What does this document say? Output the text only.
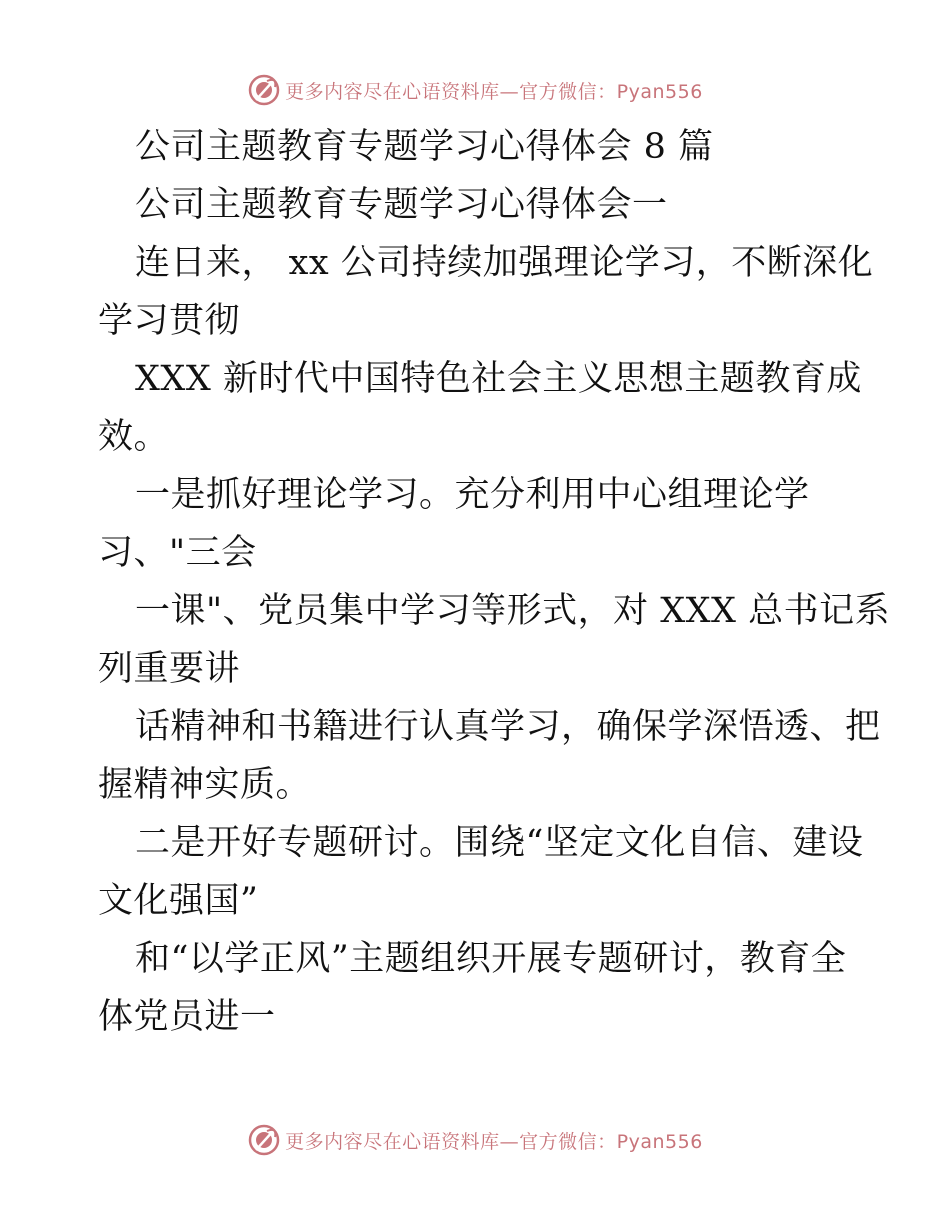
更多内容尽在心语资料库—官方微信：Pyan556
公司主题教育专题学习心得体会 8 篇
公司主题教育专题学习心得体会一
连日来， xx 公司持续加强理论学习，不断深化
学习贯彻
XXX 新时代中国特色社会主义思想主题教育成
效。
一是抓好理论学习。充分利用中心组理论学
习、"三会
一课"、党员集中学习等形式，对 XXX 总书记系
列重要讲
话精神和书籍进行认真学习，确保学深悟透、把
握精神实质。
二是开好专题研讨。围绕“坚定文化自信、建设
文化强国”
和“以学正风”主题组织开展专题研讨，教育全
体党员进一
更多内容尽在心语资料库—官方微信：Pyan556
